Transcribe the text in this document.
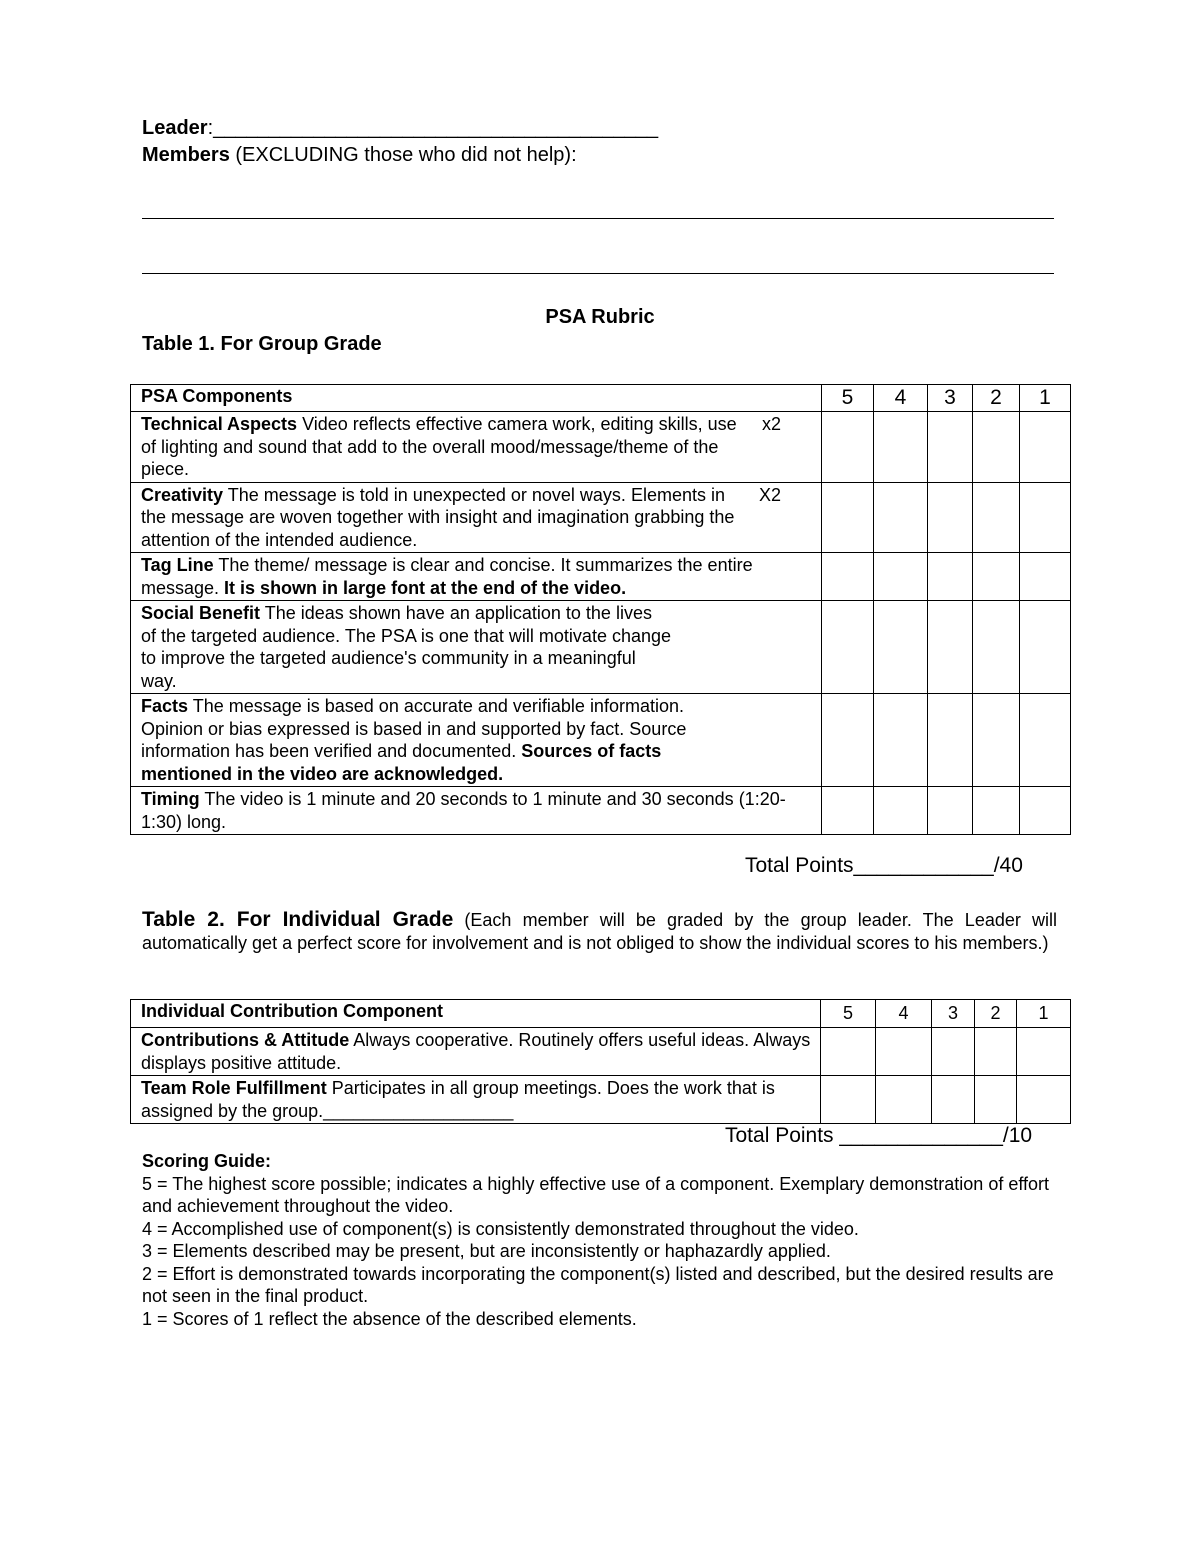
Leader:________________________________________
Members (EXCLUDING those who did not help):
PSA Rubric
Table 1. For Group Grade
PSA Components	5	4	3	2	1

Technical Aspects Video reflects effective camera work, editing skills, use of lighting and sound that add to the overall mood/message/theme of the piece.
x2					

Creativity The message is told in unexpected or novel ways. Elements in the message are woven together with insight and imagination grabbing the attention of the intended audience.
X2					

Tag Line The theme/ message is clear and concise. It summarizes the entire message. It is shown in large font at the end of the video.					

Social Benefit The ideas shown have an application to the lives of the targeted audience. The PSA is one that will motivate change to improve the targeted audience's community in a meaningful way.					

Facts The message is based on accurate and verifiable information. Opinion or bias expressed is based in and supported by fact. Source information has been verified and documented. Sources of facts mentioned in the video are acknowledged.					

Timing The video is 1 minute and 20 seconds to 1 minute and 30 seconds (1:20-1:30) long.					
Total Points____________/40
Table 2. For Individual Grade (Each member will be graded by the group leader. The Leader will automatically get a perfect score for involvement and is not obliged to show the individual scores to his members.)
Individual Contribution Component	5	4	3	2	1
Contributions & Attitude Always cooperative. Routinely offers useful ideas. Always displays positive attitude.					
Team Role Fulfillment Participates in all group meetings. Does the work that is assigned by the group.___________________					
Total Points ______________/10
Scoring Guide:
5 = The highest score possible; indicates a highly effective use of a component. Exemplary demonstration of effort and achievement throughout the video.
4 = Accomplished use of component(s) is consistently demonstrated throughout the video.
3 = Elements described may be present, but are inconsistently or haphazardly applied.
2 = Effort is demonstrated towards incorporating the component(s) listed and described, but the desired results are not seen in the final product.
1 = Scores of 1 reflect the absence of the described elements.
